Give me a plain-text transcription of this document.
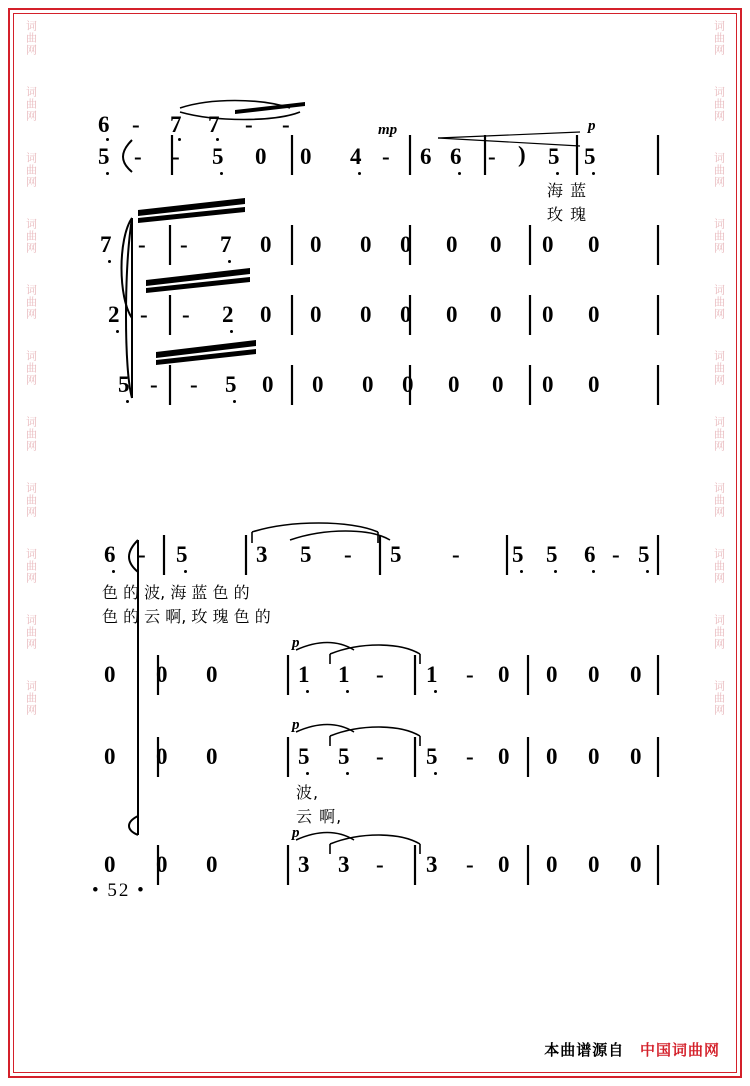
词曲网
词曲网
词曲网
词曲网
词曲网
词曲网
词曲网
词曲网
词曲网
词曲网
词曲网
词曲网
词曲网
词曲网
词曲网
词曲网
词曲网
词曲网
词曲网
词曲网
词曲网
词曲网
6 - 7 7 - -
5 - - 5 0 0 4 - 6 6 - ) 5 5
mp	p
海 蓝
玫 瑰
7 - - 7 0 0 0 0 0 0 0 0
2 - - 2 0 0 0 0 0 0 0 0
5 - - 5 0 0 0 0 0 0 0 0
6 - 5	3 5 - 5 - 5 5 6 - 5
色 的 波, 海 蓝 色 的
色 的 云 啊, 玫 瑰 色 的
p
0 0 0	1 1 - 1 - 0 0 0 0
p
0 0 0	5 5 - 5 - 0 0 0 0
波,
云 啊,
p
0 0 0	3 3 - 3 - 0 0 0 0
• 52 •
本曲谱源自 中国词曲网
